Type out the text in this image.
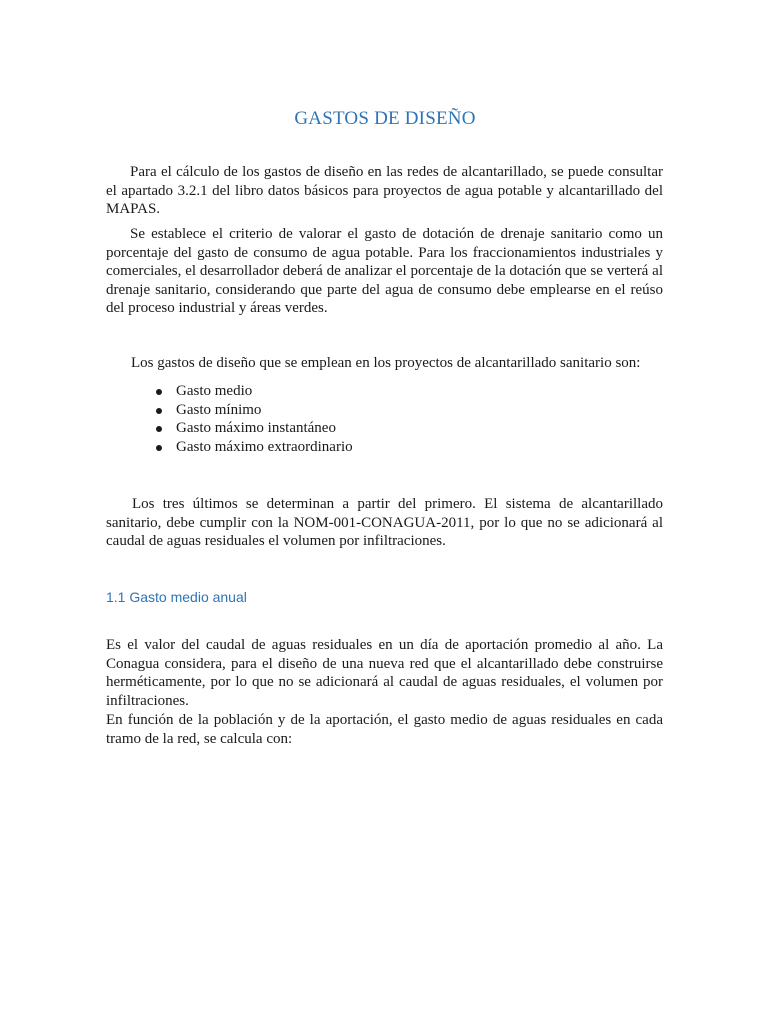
GASTOS DE DISEÑO

Para el cálculo de los gastos de diseño en las redes de alcantarillado, se puede consultar el apartado 3.2.1 del libro datos básicos para proyectos de agua potable y alcantarillado del MAPAS.

Se establece el criterio de valorar el gasto de dotación de drenaje sanitario como un porcentaje del gasto de consumo de agua potable. Para los fraccionamientos industriales y comerciales, el desarrollador deberá de analizar el porcentaje de la dotación que se verterá al drenaje sanitario, considerando que parte del agua de consumo debe emplearse en el reúso del proceso industrial y áreas verdes.

Los gastos de diseño que se emplean en los proyectos de alcantarillado sanitario son:

Gasto medio
Gasto mínimo
Gasto máximo instantáneo
Gasto máximo extraordinario

Los tres últimos se determinan a partir del primero. El sistema de alcantarillado sanitario, debe cumplir con la NOM-001-CONAGUA-2011, por lo que no se adicionará al caudal de aguas residuales el volumen por infiltraciones.

1.1 Gasto medio anual

Es el valor del caudal de aguas residuales en un día de aportación promedio al año. La Conagua considera, para el diseño de una nueva red que el alcantarillado debe construirse herméticamente, por lo que no se adicionará al caudal de aguas residuales, el volumen por infiltraciones.

En función de la población y de la aportación, el gasto medio de aguas residuales en cada tramo de la red, se calcula con:
